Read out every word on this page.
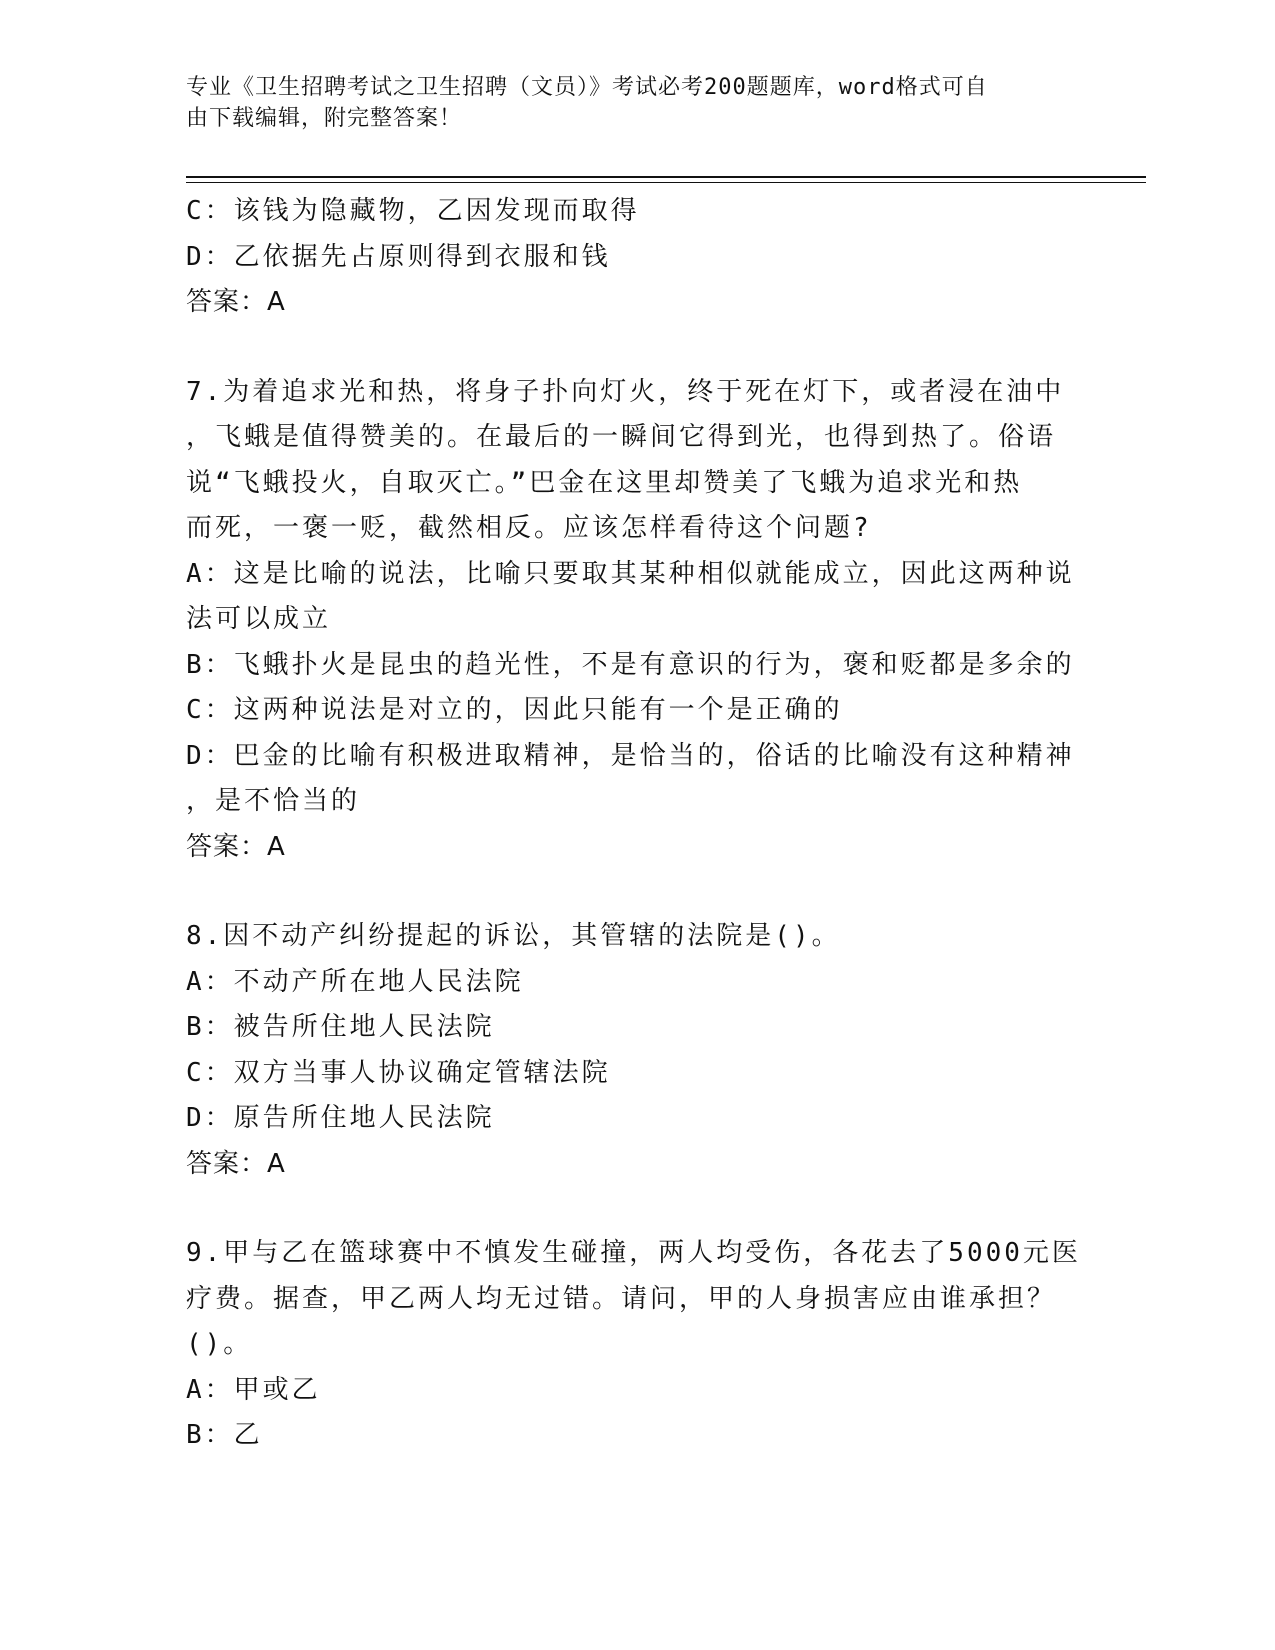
专业《卫生招聘考试之卫生招聘（文员）》考试必考200题题库，word格式可自
由下载编辑，附完整答案！
C：该钱为隐藏物，乙因发现而取得
D：乙依据先占原则得到衣服和钱
答案：A
7.为着追求光和热，将身子扑向灯火，终于死在灯下，或者浸在油中
，飞蛾是值得赞美的。在最后的一瞬间它得到光，也得到热了。俗语
说“飞蛾投火，自取灭亡。”巴金在这里却赞美了飞蛾为追求光和热
而死，一褒一贬，截然相反。应该怎样看待这个问题?
A：这是比喻的说法，比喻只要取其某种相似就能成立，因此这两种说
法可以成立
B：飞蛾扑火是昆虫的趋光性，不是有意识的行为，褒和贬都是多余的
C：这两种说法是对立的，因此只能有一个是正确的
D：巴金的比喻有积极进取精神，是恰当的，俗话的比喻没有这种精神
，是不恰当的
答案：A
8.因不动产纠纷提起的诉讼，其管辖的法院是()。
A：不动产所在地人民法院
B：被告所住地人民法院
C：双方当事人协议确定管辖法院
D：原告所住地人民法院
答案：A
9.甲与乙在篮球赛中不慎发生碰撞，两人均受伤，各花去了5000元医
疗费。据查，甲乙两人均无过错。请问，甲的人身损害应由谁承担？
()。
A：甲或乙
B：乙
